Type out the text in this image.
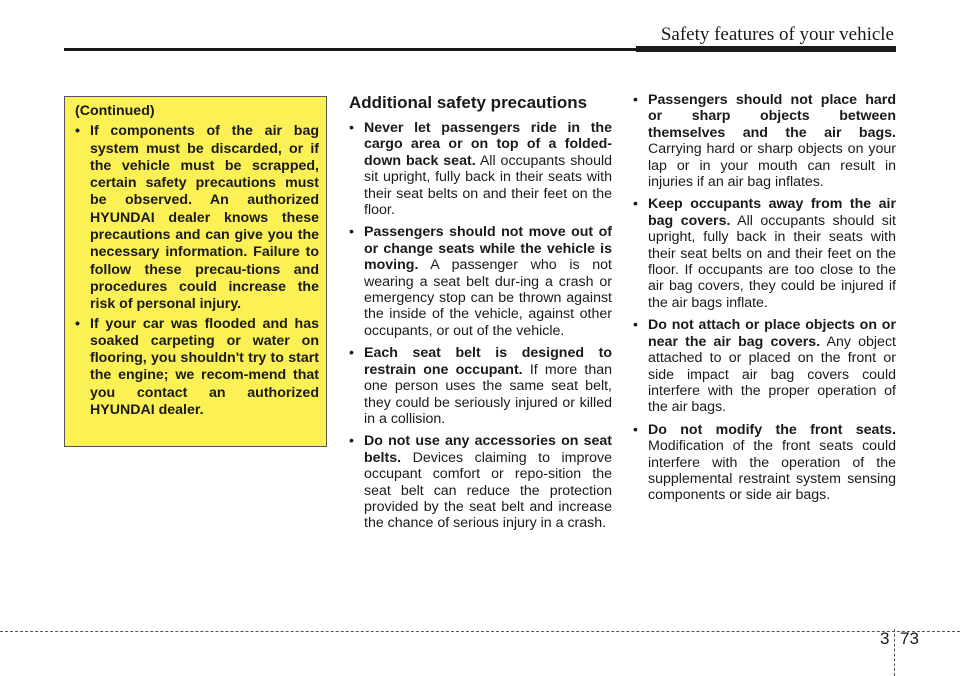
Safety features of your vehicle
(Continued)
• If components of the air bag system must be discarded, or if the vehicle must be scrapped, certain safety precautions must be observed. An authorized HYUNDAI dealer knows these precautions and can give you the necessary information. Failure to follow these precau-tions and procedures could increase the risk of personal injury.
• If your car was flooded and has soaked carpeting or water on flooring, you shouldn't try to start the engine; we recom-mend that you contact an authorized HYUNDAI dealer.
Additional safety precautions
• Never let passengers ride in the cargo area or on top of a folded-down back seat. All occupants should sit upright, fully back in their seats with their seat belts on and their feet on the floor.
• Passengers should not move out of or change seats while the vehicle is moving. A passenger who is not wearing a seat belt dur-ing a crash or emergency stop can be thrown against the inside of the vehicle, against other occupants, or out of the vehicle.
• Each seat belt is designed to restrain one occupant. If more than one person uses the same seat belt, they could be seriously injured or killed in a collision.
• Do not use any accessories on seat belts. Devices claiming to improve occupant comfort or repo-sition the seat belt can reduce the protection provided by the seat belt and increase the chance of serious injury in a crash.
• Passengers should not place hard or sharp objects between themselves and the air bags. Carrying hard or sharp objects on your lap or in your mouth can result in injuries if an air bag inflates.
• Keep occupants away from the air bag covers. All occupants should sit upright, fully back in their seats with their seat belts on and their feet on the floor. If occupants are too close to the air bag covers, they could be injured if the air bags inflate.
• Do not attach or place objects on or near the air bag covers. Any object attached to or placed on the front or side impact air bag covers could interfere with the proper operation of the air bags.
• Do not modify the front seats. Modification of the front seats could interfere with the operation of the supplemental restraint system sensing components or side air bags.
3 73
